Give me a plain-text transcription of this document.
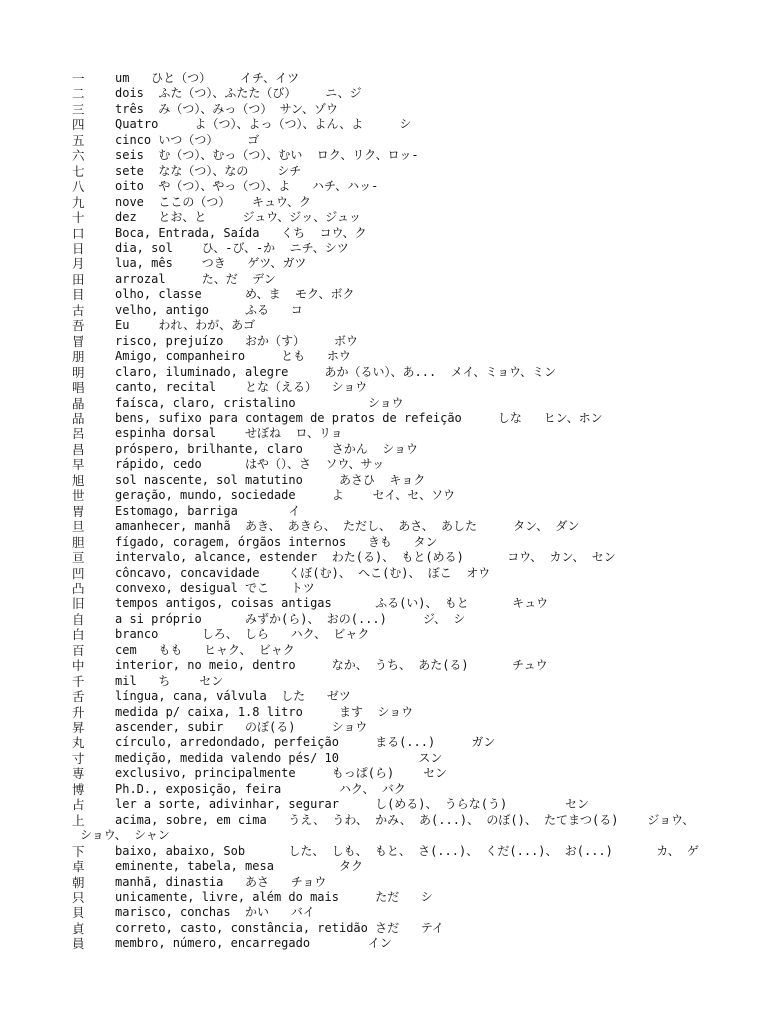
一	um   ひと（つ）    イチ、イツ
二	dois  ふた（つ）、ふたた（び）    ニ、ジ
三	três  み（つ）、みっ（つ） サン、ゾウ
四	Quatro     よ（つ）、よっ（つ）、よん、よ     シ
五	cinco いつ（つ）    ゴ
六	seis  む（つ）、むっ（つ）、むい  ロク、リク、ロッ-
七	sete  なな（つ）、なの    シチ
八	oito  や（つ）、やっ（つ）、よ   ハチ、ハッ-
九	nove  ここの（つ）   キュウ、ク
十	dez   とお、と     ジュウ、ジッ、ジュッ
口	Boca, Entrada, Saída   くち  コウ、ク
日	dia, sol    ひ、-び、-か  ニチ、シツ
月	lua, mês    つき   ゲツ、ガツ
田	arrozal     た、だ  デン
目	olho, classe      め、ま  モク、ボク
古	velho, antigo     ふる   コ
吾	Eu    われ、わが、あゴ
冒	risco, prejuízo   おか（す）    ボウ
朋	Amigo, companheiro     とも   ホウ
明	claro, iluminado, alegre     あか（るい）、あ...  メイ、ミョウ、ミン
唱	canto, recital    とな（える）  ショウ
晶	faísca, claro, cristalino          ショウ
品	bens, sufixo para contagem de pratos de refeição     しな   ヒン、ホン
呂	espinha dorsal    せぼね  ロ、リョ
昌	próspero, brilhante, claro    さかん  ショウ
早	rápido, cedo      はや（）、さ  ソウ、サッ
旭	sol nascente, sol matutino     あさひ  キョク
世	geração, mundo, sociedade     よ    セイ、セ、ソウ
胃	Estomago, barriga       イ
旦	amanhecer, manhã  あき、 あきら、 ただし、 あさ、 あした     タン、 ダン
胆	fígado, coragem, órgãos internos   きも   タン
亘	intervalo, alcance, estender  わた(る)、 もと(める)      コウ、 カン、 セン
凹	côncavo, concavidade    くぼ(む)、 へこ(む)、 ぼこ  オウ
凸	convexo, desigual でこ   トツ
旧	tempos antigos, coisas antigas      ふる(い)、 もと      キュウ
自	a si próprio      みずか(ら)、 おの(...)     ジ、 シ
白	branco      しろ、 しら   ハク、 ビャク
百	cem   もも   ヒャク、 ビャク
中	interior, no meio, dentro     なか、 うち、 あた(る)      チュウ
千	mil   ち    セン
舌	língua, cana, válvula  した   ゼツ
升	medida p/ caixa, 1.8 litro     ます  ショウ
昇	ascender, subir   のぼ(る)     ショウ
丸	círculo, arredondado, perfeição     まる(...)     ガン
寸	medição, medida valendo pés/ 10           スン
専	exclusivo, principalmente     もっぱ(ら)    セン
博	Ph.D., exposição, feira        ハク、 バク
占	ler a sorte, adivinhar, segurar     し(める)、 うらな(う)        セン
上	acima, sobre, em cima   うえ、 うわ、 かみ、 あ(...)、 のぼ()、 たてまつ(る)    ジョウ、
ショウ、 シャン
下	baixo, abaixo, Sob      した、 しも、 もと、 さ(...)、 くだ(...)、 お(...)      カ、 ゲ
卓	eminente, tabela, mesa         タク
朝	manhã, dinastia   あさ   チョウ
只	unicamente, livre, além do mais     ただ   シ
貝	marisco, conchas  かい   バイ
貞	correto, casto, constância, retidão さだ   テイ
員	membro, número, encarregado        イン
